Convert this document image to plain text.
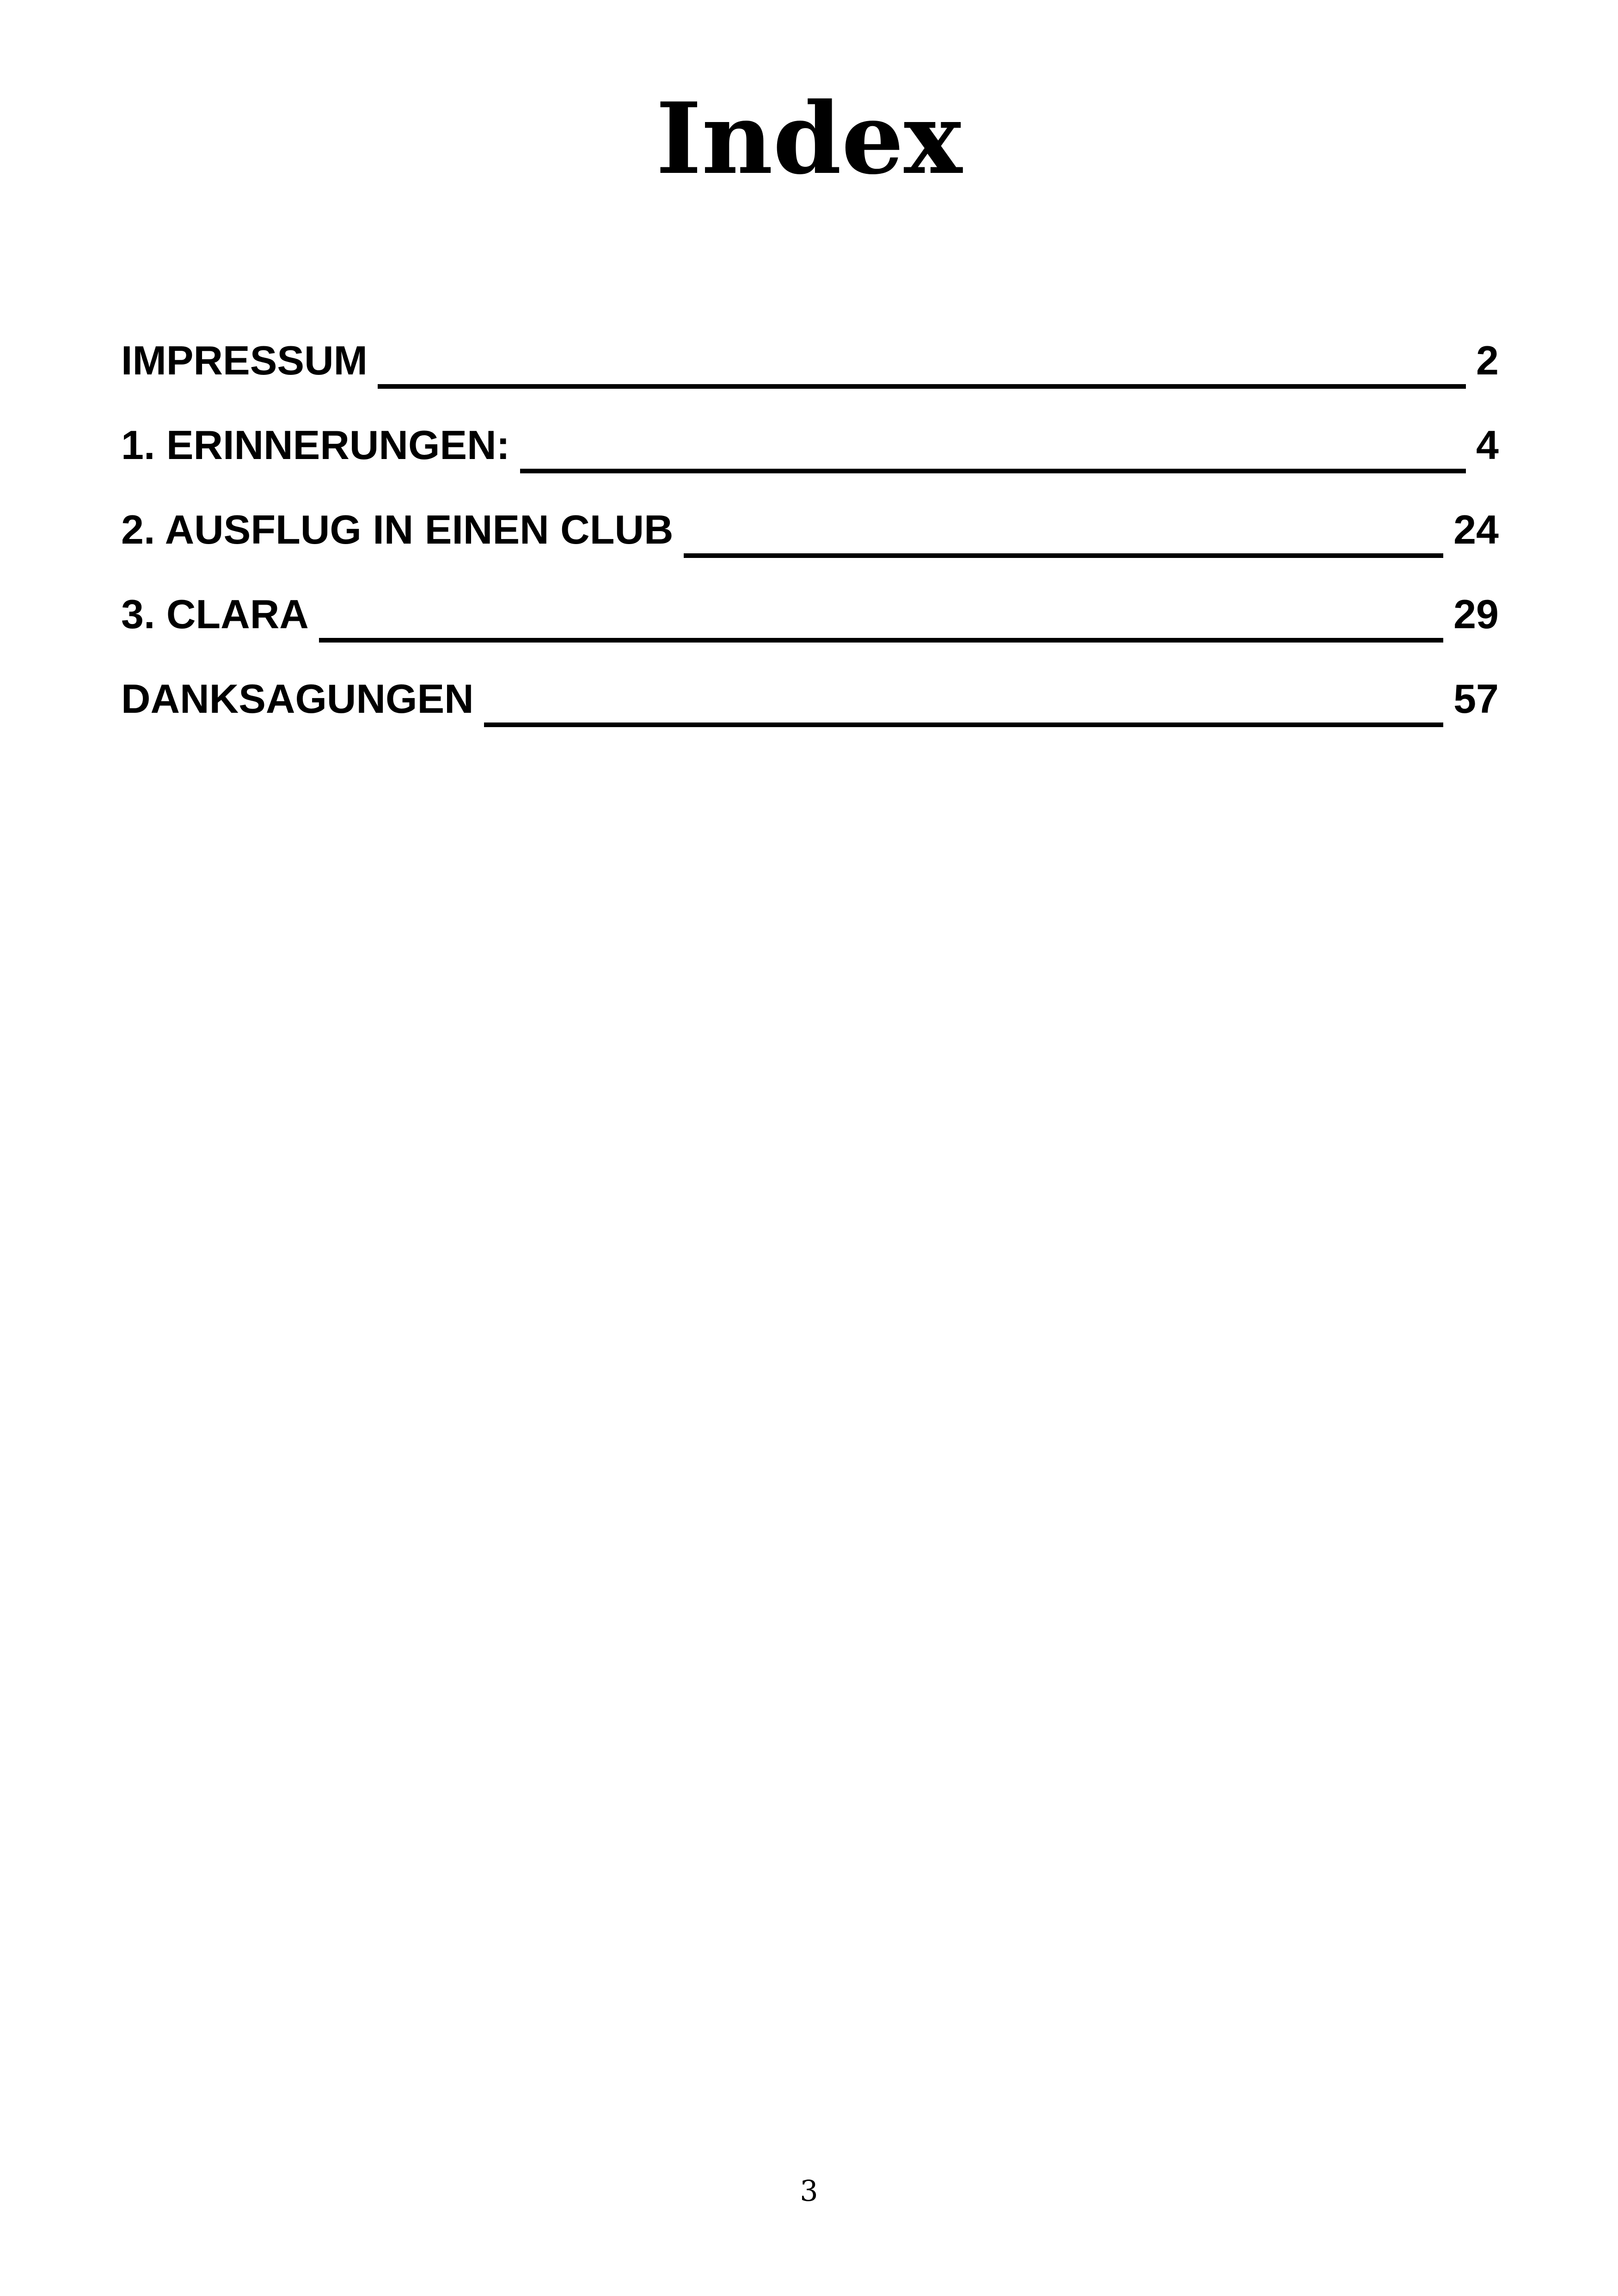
Index
IMPRESSUM	2
1. ERINNERUNGEN:	4
2. AUSFLUG IN EINEN CLUB	24
3. CLARA	29
DANKSAGUNGEN	57
3
